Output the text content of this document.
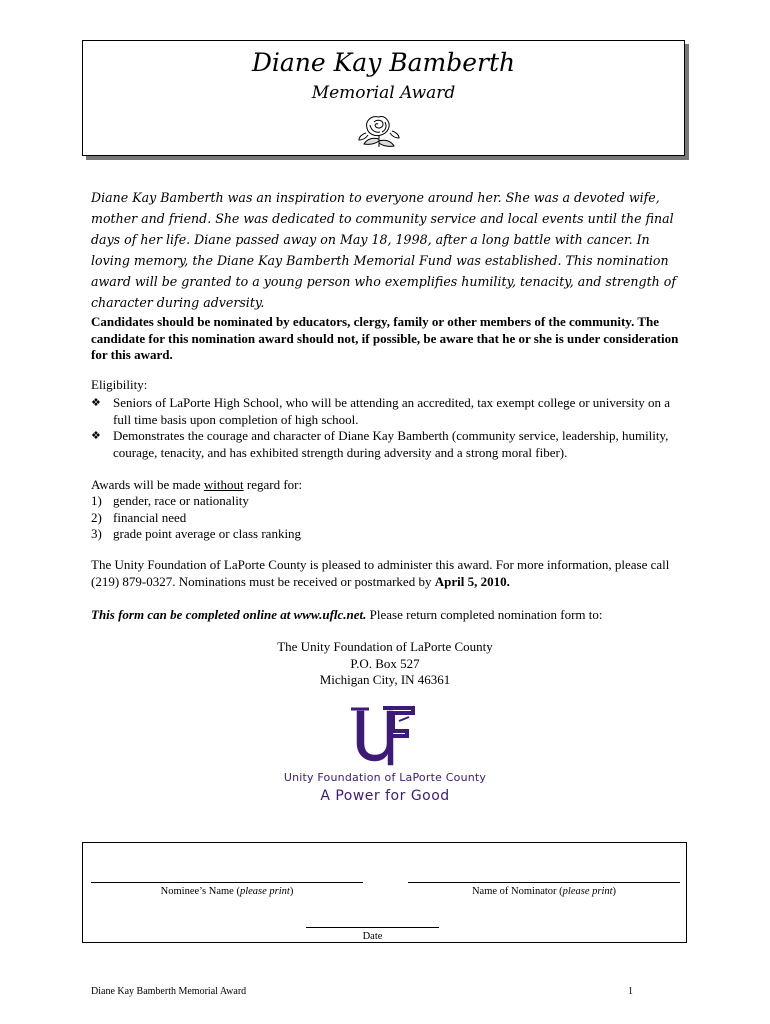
Diane Kay Bamberth
Memorial Award
Diane Kay Bamberth was an inspiration to everyone around her. She was a devoted wife, mother and friend. She was dedicated to community service and local events until the final days of her life. Diane passed away on May 18, 1998, after a long battle with cancer. In loving memory, the Diane Kay Bamberth Memorial Fund was established. This nomination award will be granted to a young person who exemplifies humility, tenacity, and strength of character during adversity.
Candidates should be nominated by educators, clergy, family or other members of the community. The candidate for this nomination award should not, if possible, be aware that he or she is under consideration for this award.
Eligibility:
❖ Seniors of LaPorte High School, who will be attending an accredited, tax exempt college or university on a full time basis upon completion of high school.
❖ Demonstrates the courage and character of Diane Kay Bamberth (community service, leadership, humility, courage, tenacity, and has exhibited strength during adversity and a strong moral fiber).
Awards will be made without regard for:
1) gender, race or nationality
2) financial need
3) grade point average or class ranking
The Unity Foundation of LaPorte County is pleased to administer this award. For more information, please call (219) 879-0327. Nominations must be received or postmarked by April 5, 2010.
This form can be completed online at www.uflc.net. Please return completed nomination form to:
The Unity Foundation of LaPorte County
P.O. Box 527
Michigan City, IN 46361
Unity Foundation of LaPorte County
A Power for Good
Nominee’s Name (please print)	Name of Nominator (please print)
Date
Diane Kay Bamberth Memorial Award	1
